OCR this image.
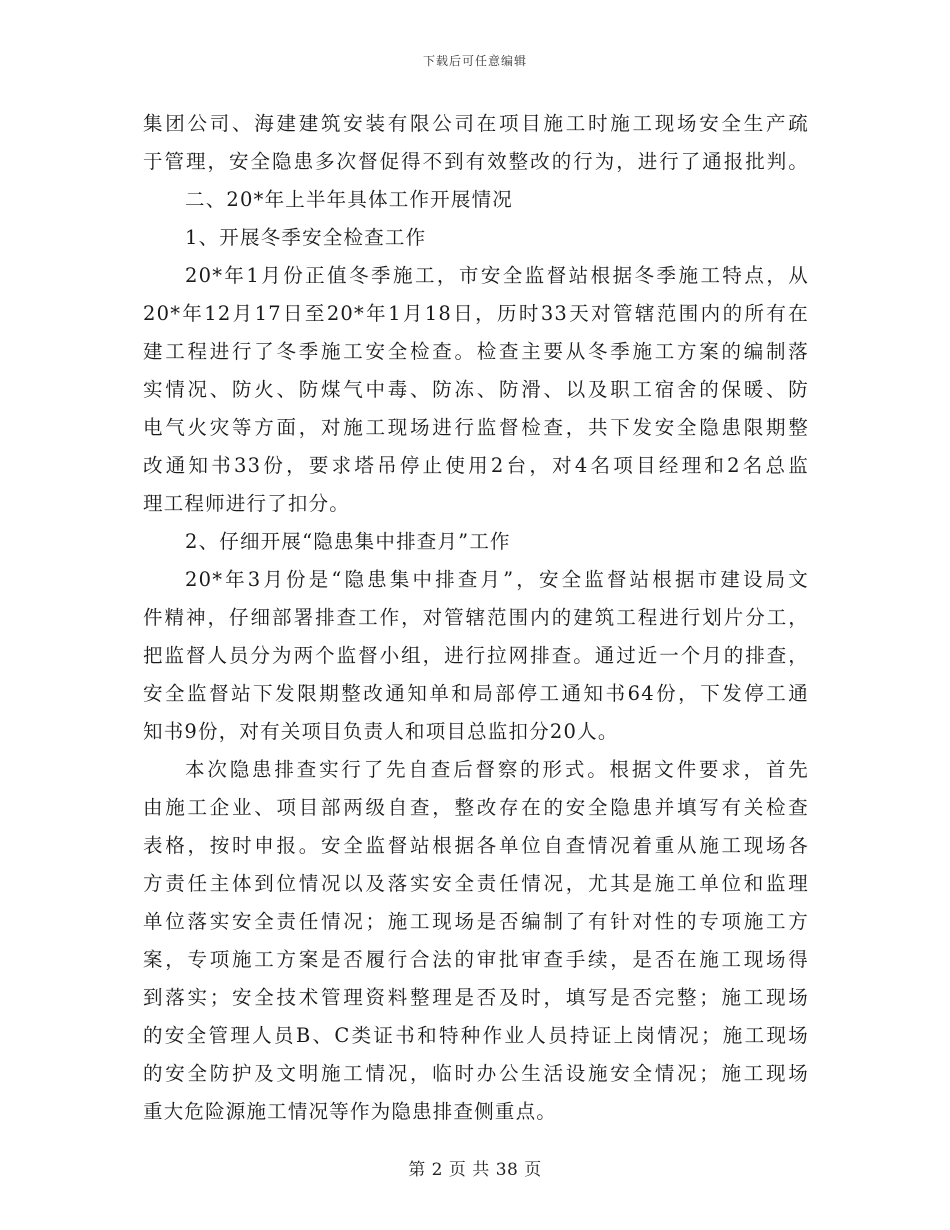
下载后可任意编辑
集团公司、海建建筑安装有限公司在项目施工时施工现场安全生产疏
于管理，安全隐患多次督促得不到有效整改的行为，进行了通报批判。
二、20*年上半年具体工作开展情况
1、开展冬季安全检查工作
20*年1月份正值冬季施工，市安全监督站根据冬季施工特点，从
20*年12月17日至20*年1月18日，历时33天对管辖范围内的所有在
建工程进行了冬季施工安全检查。检查主要从冬季施工方案的编制落
实情况、防火、防煤气中毒、防冻、防滑、以及职工宿舍的保暖、防
电气火灾等方面，对施工现场进行监督检查，共下发安全隐患限期整
改通知书33份，要求塔吊停止使用2台，对4名项目经理和2名总监
理工程师进行了扣分。
2、仔细开展“隐患集中排查月”工作
20*年3月份是“隐患集中排查月”，安全监督站根据市建设局文
件精神，仔细部署排查工作，对管辖范围内的建筑工程进行划片分工，
把监督人员分为两个监督小组，进行拉网排查。通过近一个月的排查，
安全监督站下发限期整改通知单和局部停工通知书64份，下发停工通
知书9份，对有关项目负责人和项目总监扣分20人。
本次隐患排查实行了先自查后督察的形式。根据文件要求，首先
由施工企业、项目部两级自查，整改存在的安全隐患并填写有关检查
表格，按时申报。安全监督站根据各单位自查情况着重从施工现场各
方责任主体到位情况以及落实安全责任情况，尤其是施工单位和监理
单位落实安全责任情况；施工现场是否编制了有针对性的专项施工方
案，专项施工方案是否履行合法的审批审查手续，是否在施工现场得
到落实；安全技术管理资料整理是否及时，填写是否完整；施工现场
的安全管理人员B、C类证书和特种作业人员持证上岗情况；施工现场
的安全防护及文明施工情况，临时办公生活设施安全情况；施工现场
重大危险源施工情况等作为隐患排查侧重点。
第 2 页 共 38 页
